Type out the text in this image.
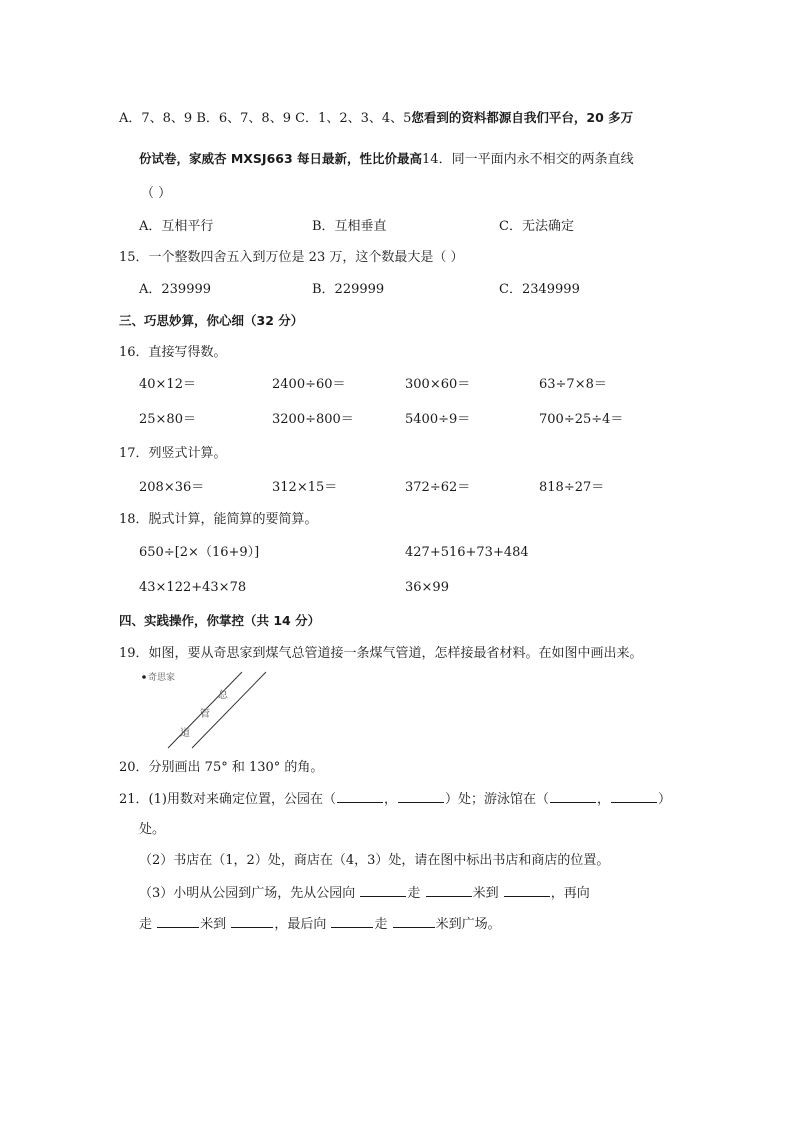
A．7、8、9 B．6、7、8、9 C．1、2、3、4、5您看到的资料都源自我们平台，20 多万
份试卷，家威杏 MXSJ663 每日最新，性比价最高14．同一平面内永不相交的两条直线
（ ）
A．互相平行	B．互相垂直	C．无法确定
15．一个整数四舍五入到万位是 23 万，这个数最大是（ ）
A．239999	B．229999	C．2349999
三、巧思妙算，你心细（32 分）
16．直接写得数。
40×12＝	2400÷60＝	300×60＝	63÷7×8＝
25×80＝	3200÷800＝	5400÷9＝	700÷25÷4＝
17．列竖式计算。
208×36＝	312×15＝	372÷62＝	818÷27＝
18．脱式计算，能简算的要简算。
650÷[2×（16+9）]	427+516+73+484
43×122+43×78	36×99
四、实践操作，你掌控（共 14 分）
19．如图，要从奇思家到煤气总管道接一条煤气管道，怎样接最省材料。在如图中画出来。
奇思家
总
管
道
20．分别画出 75° 和 130° 的角。
21．(1)用数对来确定位置，公园在（	，	）处；游泳馆在（	，	）
处。
（2）书店在（1，2）处，商店在（4，3）处，请在图中标出书店和商店的位置。
（3）小明从公园到广场，先从公园向	走	米到	，再向
走	米到	，最后向	走	米到广场。
